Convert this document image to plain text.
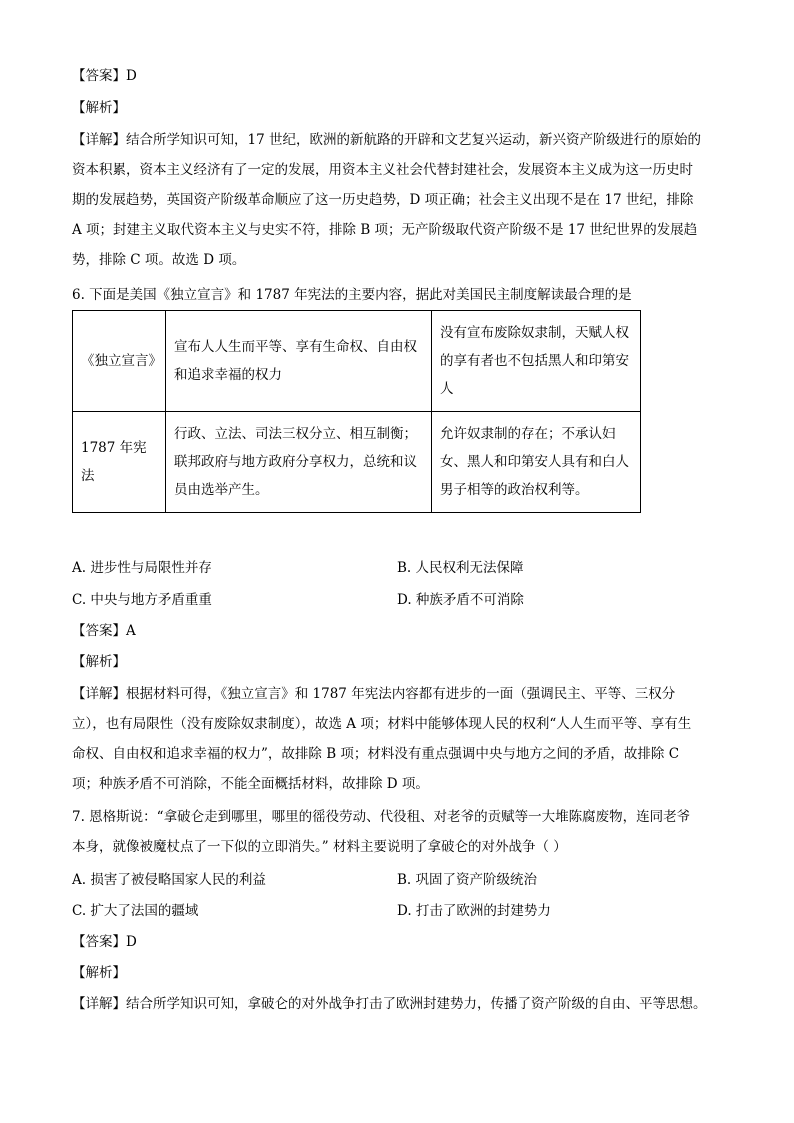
【答案】D
【解析】
【详解】结合所学知识可知，17 世纪，欧洲的新航路的开辟和文艺复兴运动，新兴资产阶级进行的原始的
资本积累，资本主义经济有了一定的发展，用资本主义社会代替封建社会，发展资本主义成为这一历史时
期的发展趋势，英国资产阶级革命顺应了这一历史趋势，D 项正确；社会主义出现不是在 17 世纪，排除
A 项；封建主义取代资本主义与史实不符，排除 B 项；无产阶级取代资产阶级不是 17 世纪世界的发展趋
势，排除 C 项。故选 D 项。
6. 下面是美国《独立宣言》和 1787 年宪法的主要内容，据此对美国民主制度解读最合理的是
《独立宣言》	宣布人人生而平等、享有生命权、自由权和追求幸福的权力	没有宣布废除奴隶制，天赋人权的享有者也不包括黑人和印第安人
1787 年宪法	行政、立法、司法三权分立、相互制衡；联邦政府与地方政府分享权力，总统和议员由选举产生。	允许奴隶制的存在；不承认妇女、黑人和印第安人具有和白人男子相等的政治权利等。
A. 进步性与局限性并存	B. 人民权利无法保障
C. 中央与地方矛盾重重	D. 种族矛盾不可消除
【答案】A
【解析】
【详解】根据材料可得，《独立宣言》和 1787 年宪法内容都有进步的一面（强调民主、平等、三权分
立），也有局限性（没有废除奴隶制度），故选 A 项；材料中能够体现人民的权利“人人生而平等、享有生
命权、自由权和追求幸福的权力”，故排除 B 项；材料没有重点强调中央与地方之间的矛盾，故排除 C
项；种族矛盾不可消除，不能全面概括材料，故排除 D 项。
7. 恩格斯说：“拿破仑走到哪里，哪里的徭役劳动、代役租、对老爷的贡赋等一大堆陈腐废物，连同老爷
本身，就像被魔杖点了一下似的立即消失。” 材料主要说明了拿破仑的对外战争（ ）
A. 损害了被侵略国家人民的利益	B. 巩固了资产阶级统治
C. 扩大了法国的疆域	D. 打击了欧洲的封建势力
【答案】D
【解析】
【详解】结合所学知识可知，拿破仑的对外战争打击了欧洲封建势力，传播了资产阶级的自由、平等思想。
